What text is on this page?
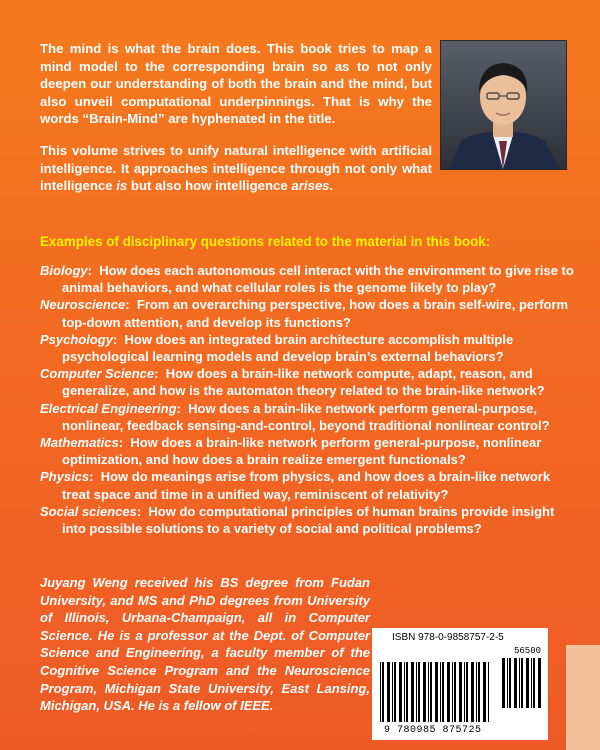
The mind is what the brain does. This book tries to map a mind model to the corresponding brain so as to not only deepen our understanding of both the brain and the mind, but also unveil computational underpinnings. That is why the words “Brain-Mind” are hyphenated in the title.

This volume strives to unify natural intelligence with artificial intelligence. It approaches intelligence through not only what intelligence is but also how intelligence arises.

Examples of disciplinary questions related to the material in this book:

Biology:  How does each autonomous cell interact with the environment to give rise to animal behaviors, and what cellular roles is the genome likely to play?

Neuroscience:  From an overarching perspective, how does a brain self-wire, perform top-down attention, and develop its functions?

Psychology:  How does an integrated brain architecture accomplish multiple psychological learning models and develop brain’s external behaviors?

Computer Science:  How does a brain-like network compute, adapt, reason, and generalize, and how is the automaton theory related to the brain-like network?

Electrical Engineering:  How does a brain-like network perform general-purpose, nonlinear, feedback sensing-and-control, beyond traditional nonlinear control?

Mathematics:  How does a brain-like network perform general-purpose, nonlinear optimization, and how does a brain realize emergent functionals?

Physics:  How do meanings arise from physics, and how does a brain-like network treat space and time in a unified way, reminiscent of relativity?

Social sciences:  How do computational principles of human brains provide insight into possible solutions to a variety of social and political problems?

Juyang Weng received his BS degree from Fudan University, and MS and PhD degrees from University of Illinois, Urbana-Champaign, all in Computer Science. He is a professor at the Dept. of Computer Science and Engineering, a faculty member of the Cognitive Science Program and the Neuroscience Program, Michigan State University, East Lansing, Michigan, USA. He is a fellow of IEEE.

ISBN 978-0-9858757-2-5
56500
9 780985 875725
